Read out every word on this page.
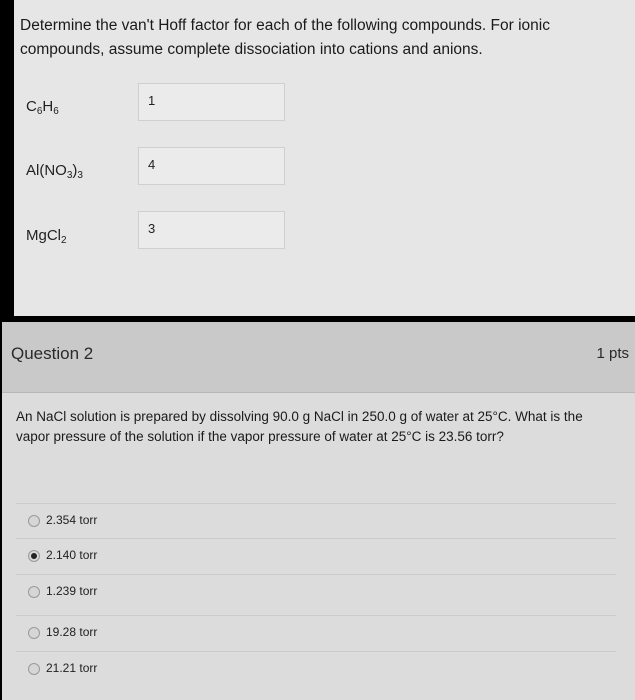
Determine the van't Hoff factor for each of the following compounds. For ionic compounds, assume complete dissociation into cations and anions.
$C_6H_6$
1
$Al(NO_3)_3$
4
MgCl$_2$
3
Question 2	1 pts
An NaCl solution is prepared by dissolving 90.0 g NaCl in 250.0 g of water at 25°C. What is the vapor pressure of the solution if the vapor pressure of water at 25°C is 23.56 torr?
2.354 torr
2.140 torr
1.239 torr
19.28 torr
21.21 torr
